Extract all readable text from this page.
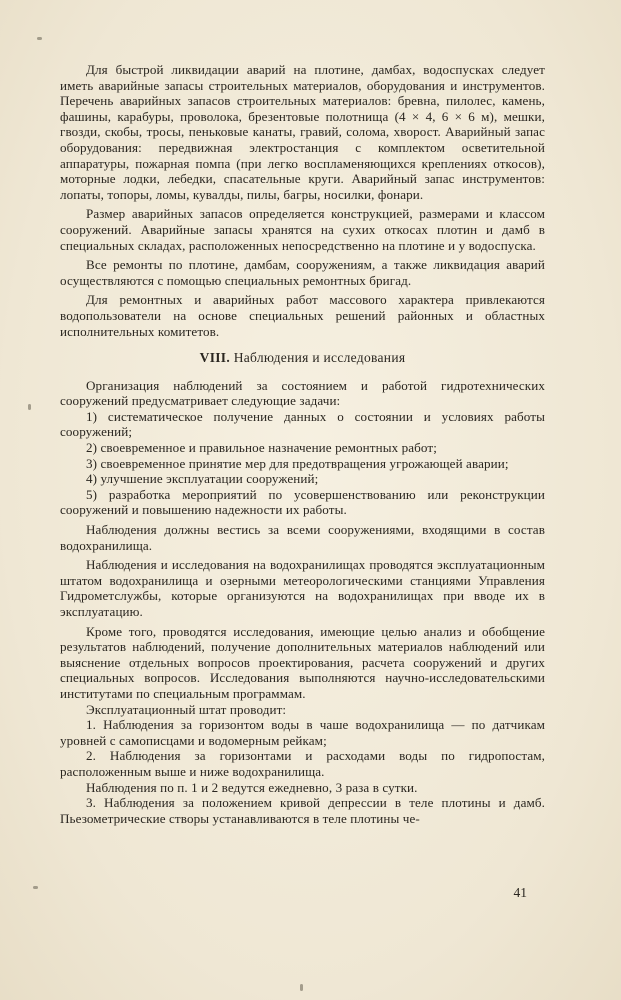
Для быстрой ликвидации аварий на плотине, дамбах, водоспусках следует иметь аварийные запасы строительных материалов, оборудования и инструментов. Перечень аварийных запасов строительных материалов: бревна, пилолес, камень, фашины, карабуры, проволока, брезентовые полотнища (4 × 4, 6 × 6 м), мешки, гвозди, скобы, тросы, пеньковые канаты, гравий, солома, хворост. Аварийный запас оборудования: передвижная электростанция с комплектом осветительной аппаратуры, пожарная помпа (при легко воспламеняющихся креплениях откосов), моторные лодки, лебедки, спасательные круги. Аварийный запас инструментов: лопаты, топоры, ломы, кувалды, пилы, багры, носилки, фонари.

Размер аварийных запасов определяется конструкцией, размерами и классом сооружений. Аварийные запасы хранятся на сухих откосах плотин и дамб в специальных складах, расположенных непосредственно на плотине и у водоспуска.

Все ремонты по плотине, дамбам, сооружениям, а также ликвидация аварий осуществляются с помощью специальных ремонтных бригад.

Для ремонтных и аварийных работ массового характера привлекаются водопользователи на основе специальных решений районных и областных исполнительных комитетов.

VIII. Наблюдения и исследования

Организация наблюдений за состоянием и работой гидротехнических сооружений предусматривает следующие задачи:

1) систематическое получение данных о состоянии и условиях работы сооружений;

2) своевременное и правильное назначение ремонтных работ;

3) своевременное принятие мер для предотвращения угрожающей аварии;

4) улучшение эксплуатации сооружений;

5) разработка мероприятий по усовершенствованию или реконструкции сооружений и повышению надежности их работы.

Наблюдения должны вестись за всеми сооружениями, входящими в состав водохранилища.

Наблюдения и исследования на водохранилищах проводятся эксплуатационным штатом водохранилища и озерными метеорологическими станциями Управления Гидрометслужбы, которые организуются на водохранилищах при вводе их в эксплуатацию.

Кроме того, проводятся исследования, имеющие целью анализ и обобщение результатов наблюдений, получение дополнительных материалов наблюдений или выяснение отдельных вопросов проектирования, расчета сооружений и других специальных вопросов. Исследования выполняются научно-исследовательскими институтами по специальным программам.

Эксплуатационный штат проводит:

1. Наблюдения за горизонтом воды в чаше водохранилища — по датчикам уровней с самописцами и водомерным рейкам;

2. Наблюдения за горизонтами и расходами воды по гидропостам, расположенным выше и ниже водохранилища.

Наблюдения по п. 1 и 2 ведутся ежедневно, 3 раза в сутки.

3. Наблюдения за положением кривой депрессии в теле плотины и дамб. Пьезометрические створы устанавливаются в теле плотины че-

41
